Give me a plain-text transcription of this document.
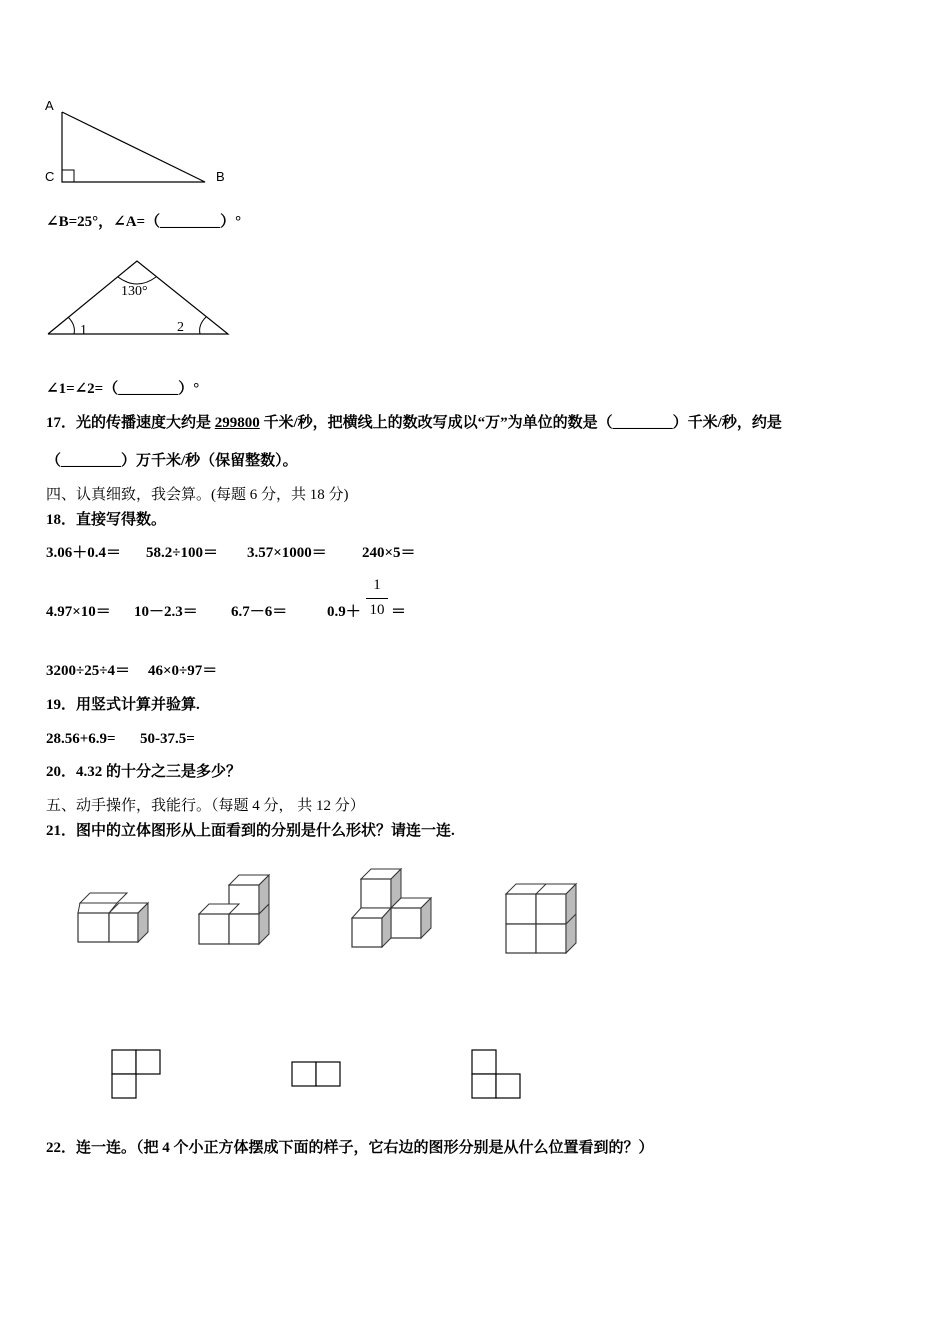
A
C	B
∠B=25°，∠A=（________）°
130°
1	2
∠1=∠2=（________）°
17．光的传播速度大约是 299800 千米/秒，把横线上的数改写成以“万”为单位的数是（________）千米/秒，约是
（________）万千米/秒（保留整数）。
四、认真细致，我会算。(每题 6 分，共 18 分)
18．直接写得数。
3.06＋0.4＝ 58.2÷100＝ 3.57×1000＝ 240×5＝
4.97×10＝ 10－2.3＝ 6.7－6＝	0.9＋
1
10 ＝
3200÷25÷4＝ 46×0÷97＝
19．用竖式计算并验算.
28.56+6.9= 50-37.5=
20．4.32 的十分之三是多少？
五、动手操作，我能行。（每题 4 分， 共 12 分）
21．图中的立体图形从上面看到的分别是什么形状？请连一连.
22．连一连。（把 4 个小正方体摆成下面的样子，它右边的图形分别是从什么位置看到的？）
